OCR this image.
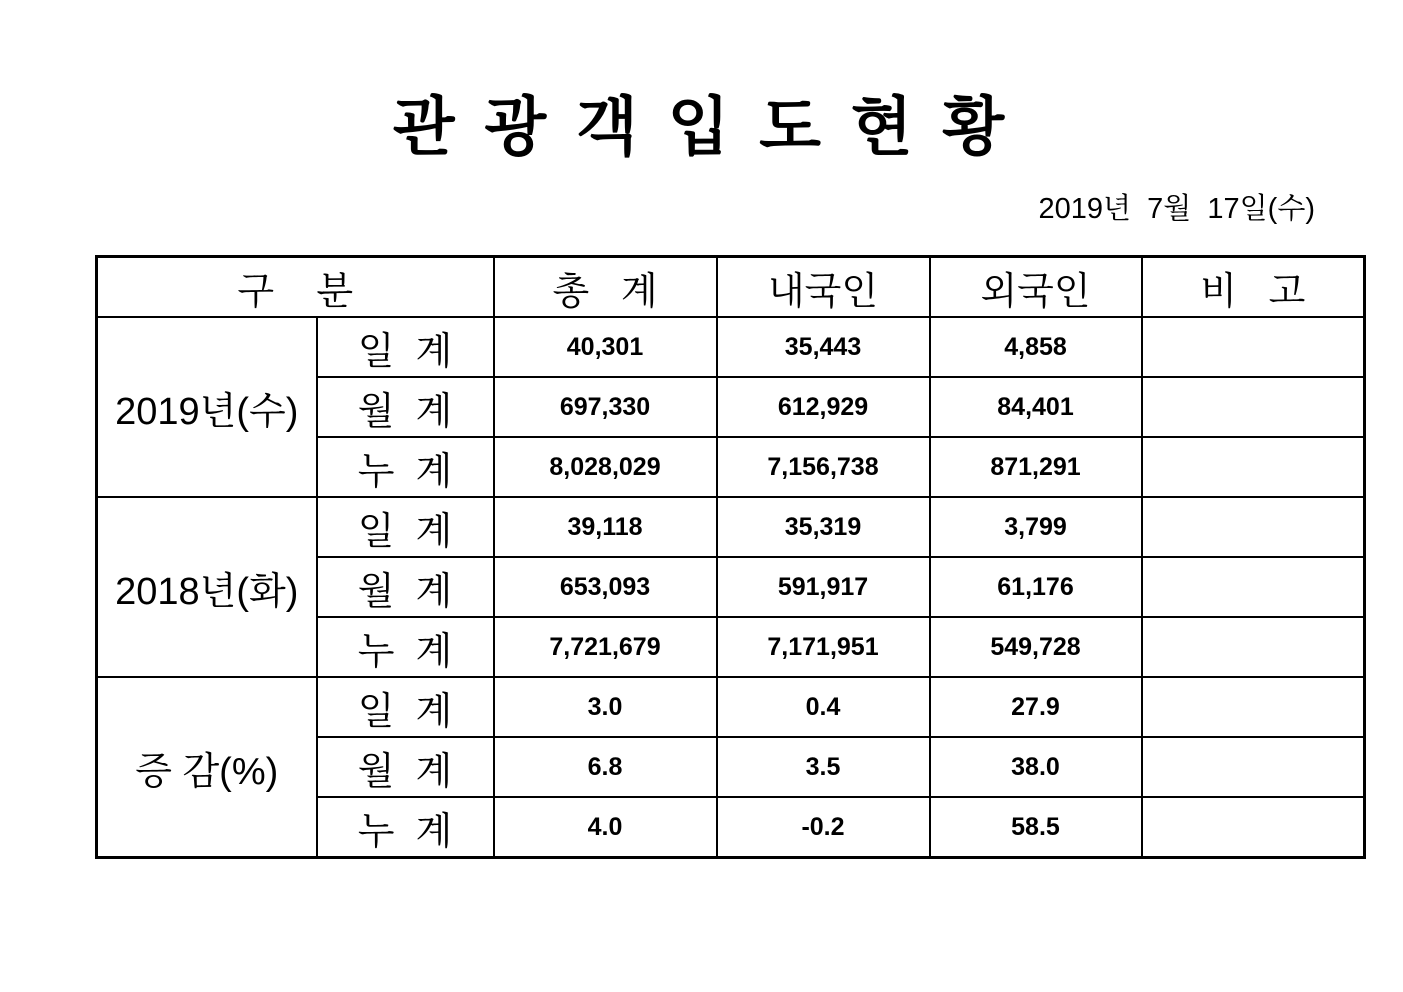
관 광 객 입 도 현 황
2019년  7월  17일(수)
구    분		총   계	내국인	외국인	비   고
2019년(수)	일  계	40,301	35,443	4,858	
	월  계	697,330	612,929	84,401	
	누  계	8,028,029	7,156,738	871,291	
2018년(화)	일  계	39,118	35,319	3,799	
	월  계	653,093	591,917	61,176	
	누  계	7,721,679	7,171,951	549,728	
증 감(%)	일  계	3.0	0.4	27.9	
	월  계	6.8	3.5	38.0	
	누  계	4.0	-0.2	58.5	
